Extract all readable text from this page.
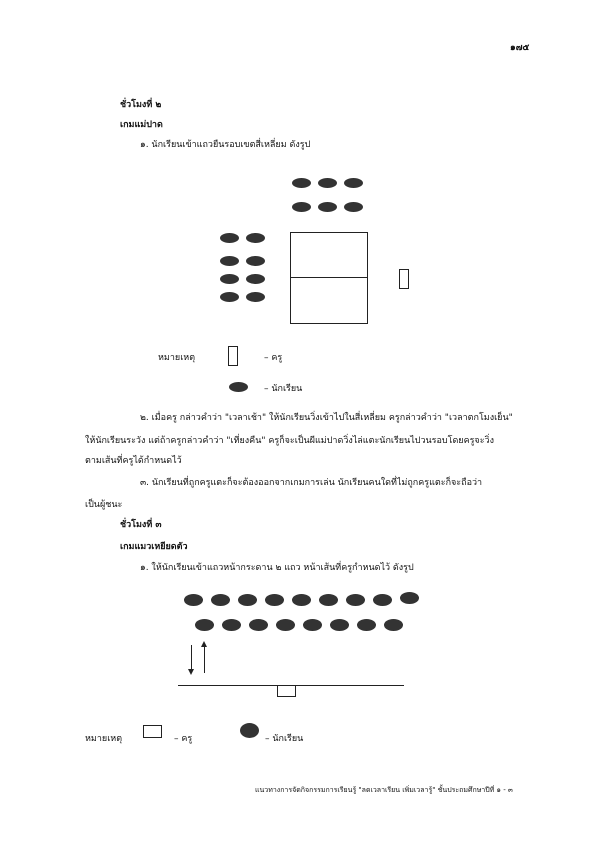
๑๗๕
ชั่วโมงที่ ๒
เกมแม่ปาด
๑. นักเรียนเข้าแถวยืนรอบเขตสี่เหลี่ยม ดังรูป
หมายเหตุ	– ครู
– นักเรียน
๒. เมื่อครู กล่าวคำว่า "เวลาเช้า" ให้นักเรียนวิ่งเข้าไปในสี่เหลี่ยม ครูกล่าวคำว่า "เวลาตกโมงเย็น"
ให้นักเรียนระวัง แต่ถ้าครูกล่าวคำว่า "เที่ยงคืน" ครูก็จะเป็นผีแม่ปาดวิ่งไล่แตะนักเรียนไปวนรอบโดยครูจะวิ่ง
ตามเส้นที่ครูได้กำหนดไว้
๓. นักเรียนที่ถูกครูแตะก็จะต้องออกจากเกมการเล่น นักเรียนคนใดที่ไม่ถูกครูแตะก็จะถือว่า
เป็นผู้ชนะ
ชั่วโมงที่ ๓
เกมแมวเหยียดตัว
๑. ให้นักเรียนเข้าแถวหน้ากระดาน ๒ แถว หน้าเส้นที่ครูกำหนดไว้ ดังรูป
หมายเหตุ	– ครู	– นักเรียน
แนวทางการจัดกิจกรรมการเรียนรู้ "ลดเวลาเรียน เพิ่มเวลารู้" ชั้นประถมศึกษาปีที่ ๑ - ๓
